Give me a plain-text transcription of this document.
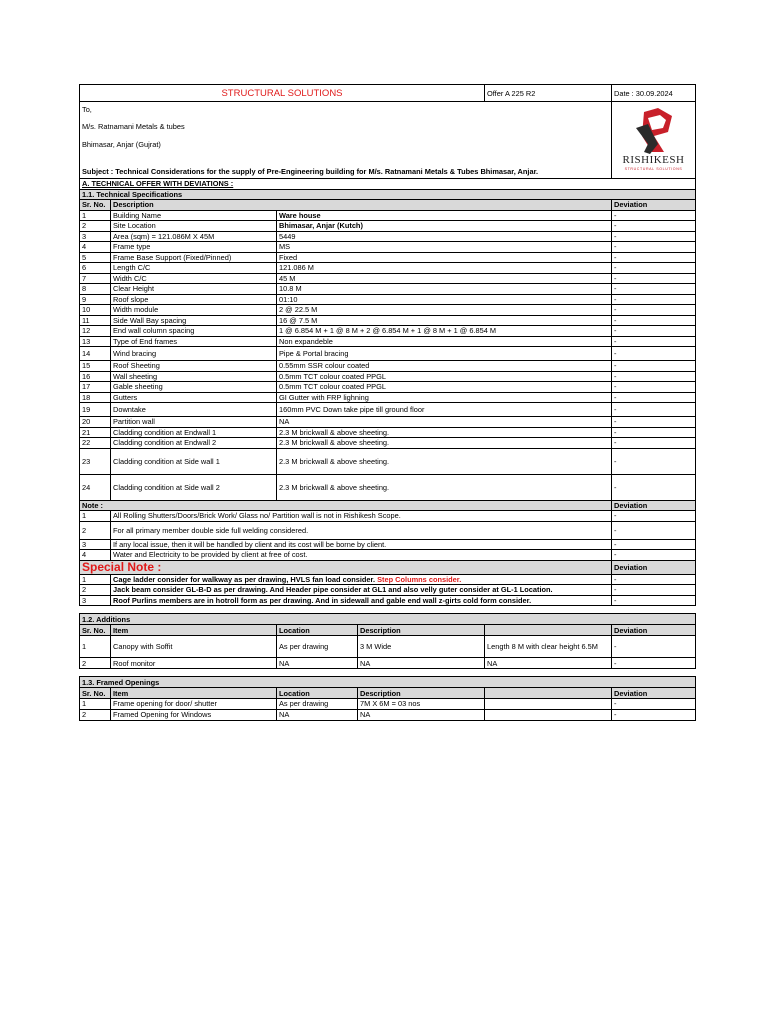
STRUCTURAL SOLUTIONS				Offer A 225 R2	Date : 30.09.2024
To,					RISHIKESH
STRUCTURAL SOLUTIONS

M/s. Ratnamani Metals & tubes					
Bhimasar, Anjar (Gujrat)					

Subject : Technical Considerations for the supply of Pre-Engineering building for M/s. Ratnamani Metals & Tubes Bhimasar, Anjar.					
A. TECHNICAL OFFER WITH DEVIATIONS :					
1.1. Technical Specifications					
Sr. No.	Description				Deviation
1	Building Name	Ware house			-
2	Site Location	Bhimasar, Anjar (Kutch)			-
3	Area (sqm) = 121.086M X 45M	5449			-
4	Frame type	MS			-
5	Frame Base Support (Fixed/Pinned)	Fixed			-
6	Length C/C	121.086 M			-
7	Width C/C	45 M			-
8	Clear Height	10.8 M			-
9	Roof slope	01:10			-
10	Width module	2 @ 22.5 M			-
11	Side Wall Bay spacing	16 @ 7.5 M			-
12	End wall column spacing	1 @ 6.854 M + 1 @ 8 M + 2 @ 6.854 M + 1 @ 8 M + 1 @ 6.854 M			-
13	Type of End frames	Non expandeble			-
14	Wind bracing	Pipe & Portal bracing			-
15	Roof Sheeting	0.55mm SSR colour coated			-
16	Wall sheeting	0.5mm TCT colour coated PPGL			-
17	Gable sheeting	0.5mm TCT colour coated PPGL			-
18	Gutters	GI Gutter with FRP lighning			-
19	Downtake	160mm PVC Down take pipe till ground floor			-
20	Partition wall	NA			-
21	Cladding condition at Endwall 1	2.3 M brickwall & above sheeting.			-
22	Cladding condition at Endwall 2	2.3 M brickwall & above sheeting.			-
23	Cladding condition at Side wall 1	2.3 M brickwall & above sheeting.			-
24	Cladding condition at Side wall 2	2.3 M brickwall & above sheeting.			-
Note :					Deviation
1	All Rolling Shutters/Doors/Brick Work/ Glass no/ Partition wall is not in Rishikesh Scope.				-
2	For all primary member double side full welding considered.				-
3	If any local issue, then it will be handled by client and its cost will be borne by client.				-
4	Water and Electricity to be provided by client at free of cost.				-
Special Note :					Deviation
1	Cage ladder consider for walkway as per drawing, HVLS fan load consider. Step Columns consider.				-
2	Jack beam consider GL-B-D as per drawing. And Header pipe consider at GL1 and also velly guter consider at GL-1 Location.				-
3	Roof Purlins members are in hotroll form as per drawing. And in sidewall and gable end wall z-girts cold form consider.				-

1.2. Additions					
Sr. No.	Item	Location	Description		Deviation
1	Canopy with Soffit	As per drawing	3 M Wide	Length 8 M with clear height 6.5M	-
2	Roof monitor	NA	NA	NA	-

1.3. Framed Openings					
Sr. No.	Item	Location	Description		Deviation
1	Frame opening for door/ shutter	As per drawing	7M X 6M = 03 nos		-
2	Framed Opening for Windows	NA	NA		-
